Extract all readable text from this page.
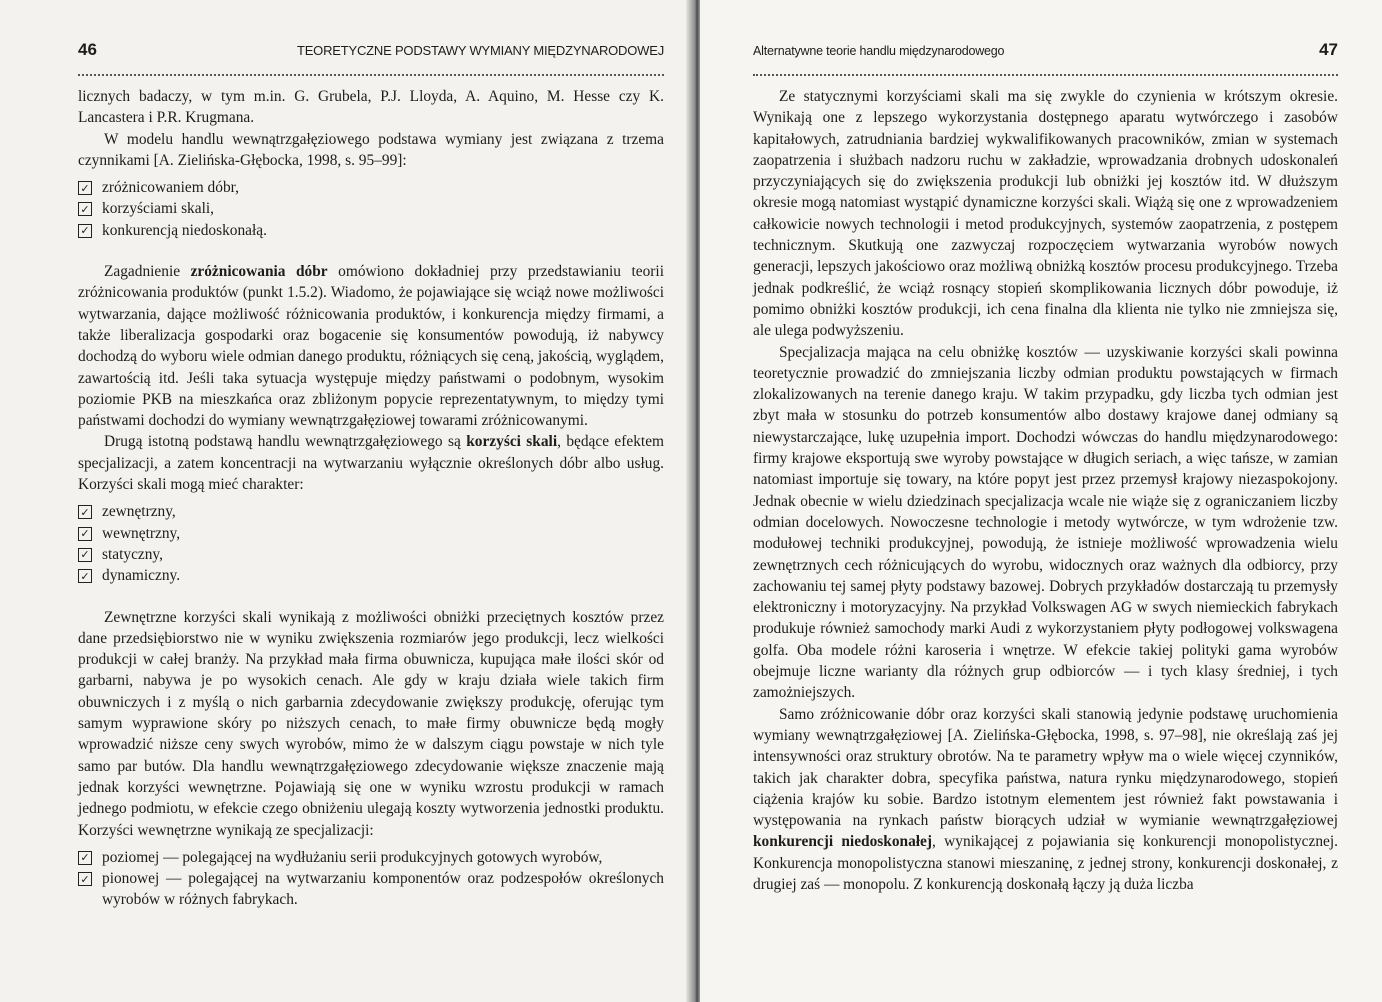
46	TEORETYCZNE PODSTAWY WYMIANY MIĘDZYNARODOWEJ

licznych badaczy, w tym m.in. G. Grubela, P.J. Lloyda, A. Aquino, M. Hesse czy K. Lancastera i P.R. Krugmana.

W modelu handlu wewnątrzgałęziowego podstawa wymiany jest związana z trzema czynnikami [A. Zielińska-Głębocka, 1998, s. 95–99]:

✓ zróżnicowaniem dóbr,
✓ korzyściami skali,
✓ konkurencją niedoskonałą.

Zagadnienie zróżnicowania dóbr omówiono dokładniej przy przedstawianiu teorii zróżnicowania produktów (punkt 1.5.2). Wiadomo, że pojawiające się wciąż nowe możliwości wytwarzania, dające możliwość różnicowania produktów, i konkurencja między firmami, a także liberalizacja gospodarki oraz bogacenie się konsumentów powodują, iż nabywcy dochodzą do wyboru wiele odmian danego produktu, różniących się ceną, jakością, wyglądem, zawartością itd. Jeśli taka sytuacja występuje między państwami o podobnym, wysokim poziomie PKB na mieszkańca oraz zbliżonym popycie reprezentatywnym, to między tymi państwami dochodzi do wymiany wewnątrzgałęziowej towarami zróżnicowanymi.

Drugą istotną podstawą handlu wewnątrzgałęziowego są korzyści skali, będące efektem specjalizacji, a zatem koncentracji na wytwarzaniu wyłącznie określonych dóbr albo usług. Korzyści skali mogą mieć charakter:

✓ zewnętrzny,
✓ wewnętrzny,
✓ statyczny,
✓ dynamiczny.

Zewnętrzne korzyści skali wynikają z możliwości obniżki przeciętnych kosztów przez dane przedsiębiorstwo nie w wyniku zwiększenia rozmiarów jego produkcji, lecz wielkości produkcji w całej branży. Na przykład mała firma obuwnicza, kupująca małe ilości skór od garbarni, nabywa je po wysokich cenach. Ale gdy w kraju działa wiele takich firm obuwniczych i z myślą o nich garbarnia zdecydowanie zwiększy produkcję, oferując tym samym wyprawione skóry po niższych cenach, to małe firmy obuwnicze będą mogły wprowadzić niższe ceny swych wyrobów, mimo że w dalszym ciągu powstaje w nich tyle samo par butów. Dla handlu wewnątrzgałęziowego zdecydowanie większe znaczenie mają jednak korzyści wewnętrzne. Pojawiają się one w wyniku wzrostu produkcji w ramach jednego podmiotu, w efekcie czego obniżeniu ulegają koszty wytworzenia jednostki produktu. Korzyści wewnętrzne wynikają ze specjalizacji:

✓ poziomej — polegającej na wydłużaniu serii produkcyjnych gotowych wyrobów,
✓ pionowej — polegającej na wytwarzaniu komponentów oraz podzespołów określonych wyrobów w różnych fabrykach.
Alternatywne teorie handlu międzynarodowego	47

Ze statycznymi korzyściami skali ma się zwykle do czynienia w krótszym okresie. Wynikają one z lepszego wykorzystania dostępnego aparatu wytwórczego i zasobów kapitałowych, zatrudniania bardziej wykwalifikowanych pracowników, zmian w systemach zaopatrzenia i służbach nadzoru ruchu w zakładzie, wprowadzania drobnych udoskonaleń przyczyniających się do zwiększenia produkcji lub obniżki jej kosztów itd. W dłuższym okresie mogą natomiast wystąpić dynamiczne korzyści skali. Wiążą się one z wprowadzeniem całkowicie nowych technologii i metod produkcyjnych, systemów zaopatrzenia, z postępem technicznym. Skutkują one zazwyczaj rozpoczęciem wytwarzania wyrobów nowych generacji, lepszych jakościowo oraz możliwą obniżką kosztów procesu produkcyjnego. Trzeba jednak podkreślić, że wciąż rosnący stopień skomplikowania licznych dóbr powoduje, iż pomimo obniżki kosztów produkcji, ich cena finalna dla klienta nie tylko nie zmniejsza się, ale ulega podwyższeniu.

Specjalizacja mająca na celu obniżkę kosztów — uzyskiwanie korzyści skali powinna teoretycznie prowadzić do zmniejszania liczby odmian produktu powstających w firmach zlokalizowanych na terenie danego kraju. W takim przypadku, gdy liczba tych odmian jest zbyt mała w stosunku do potrzeb konsumentów albo dostawy krajowe danej odmiany są niewystarczające, lukę uzupełnia import. Dochodzi wówczas do handlu międzynarodowego: firmy krajowe eksportują swe wyroby powstające w długich seriach, a więc tańsze, w zamian natomiast importuje się towary, na które popyt jest przez przemysł krajowy niezaspokojony. Jednak obecnie w wielu dziedzinach specjalizacja wcale nie wiąże się z ograniczaniem liczby odmian docelowych. Nowoczesne technologie i metody wytwórcze, w tym wdrożenie tzw. modułowej techniki produkcyjnej, powodują, że istnieje możliwość wprowadzenia wielu zewnętrznych cech różnicujących do wyrobu, widocznych oraz ważnych dla odbiorcy, przy zachowaniu tej samej płyty podstawy bazowej. Dobrych przykładów dostarczają tu przemysły elektroniczny i motoryzacyjny. Na przykład Volkswagen AG w swych niemieckich fabrykach produkuje również samochody marki Audi z wykorzystaniem płyty podłogowej volkswagena golfa. Oba modele różni karoseria i wnętrze. W efekcie takiej polityki gama wyrobów obejmuje liczne warianty dla różnych grup odbiorców — i tych klasy średniej, i tych zamożniejszych.

Samo zróżnicowanie dóbr oraz korzyści skali stanowią jedynie podstawę uruchomienia wymiany wewnątrzgałęziowej [A. Zielińska-Głębocka, 1998, s. 97–98], nie określają zaś jej intensywności oraz struktury obrotów. Na te parametry wpływ ma o wiele więcej czynników, takich jak charakter dobra, specyfika państwa, natura rynku międzynarodowego, stopień ciążenia krajów ku sobie. Bardzo istotnym elementem jest również fakt powstawania i występowania na rynkach państw biorących udział w wymianie wewnątrzgałęziowej konkurencji niedoskonałej, wynikającej z pojawiania się konkurencji monopolistycznej. Konkurencja monopolistyczna stanowi mieszaninę, z jednej strony, konkurencji doskonałej, z drugiej zaś — monopolu. Z konkurencją doskonałą łączy ją duża liczba
